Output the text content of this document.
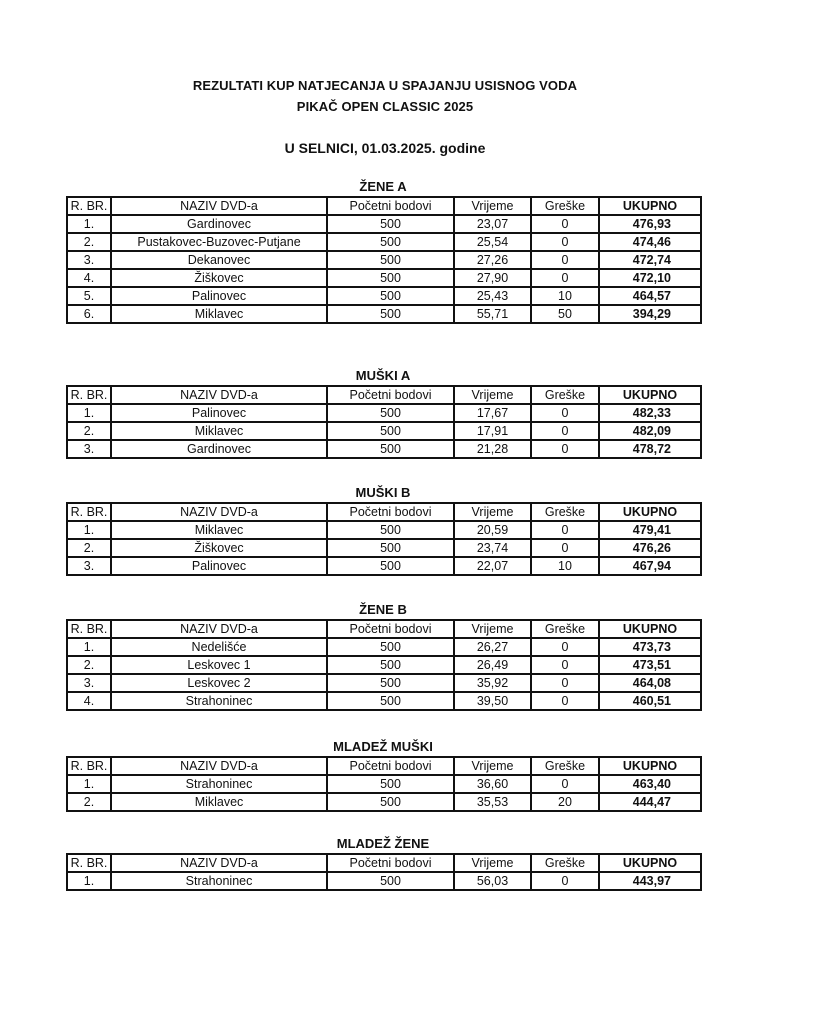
REZULTATI KUP NATJECANJA U SPAJANJU USISNOG VODA
PIKAČ OPEN CLASSIC 2025
U SELNICI, 01.03.2025. godine
ŽENE A
R. BR.	NAZIV DVD-a	Početni bodovi	Vrijeme	Greške	UKUPNO
1.	Gardinovec	500	23,07	0	476,93
2.	Pustakovec-Buzovec-Putjane	500	25,54	0	474,46
3.	Dekanovec	500	27,26	0	472,74
4.	Žiškovec	500	27,90	0	472,10
5.	Palinovec	500	25,43	10	464,57
6.	Miklavec	500	55,71	50	394,29
MUŠKI A
R. BR.	NAZIV DVD-a	Početni bodovi	Vrijeme	Greške	UKUPNO
1.	Palinovec	500	17,67	0	482,33
2.	Miklavec	500	17,91	0	482,09
3.	Gardinovec	500	21,28	0	478,72
MUŠKI B
R. BR.	NAZIV DVD-a	Početni bodovi	Vrijeme	Greške	UKUPNO
1.	Miklavec	500	20,59	0	479,41
2.	Žiškovec	500	23,74	0	476,26
3.	Palinovec	500	22,07	10	467,94
ŽENE B
R. BR.	NAZIV DVD-a	Početni bodovi	Vrijeme	Greške	UKUPNO
1.	Nedelišće	500	26,27	0	473,73
2.	Leskovec 1	500	26,49	0	473,51
3.	Leskovec 2	500	35,92	0	464,08
4.	Strahoninec	500	39,50	0	460,51
MLADEŽ MUŠKI
R. BR.	NAZIV DVD-a	Početni bodovi	Vrijeme	Greške	UKUPNO
1.	Strahoninec	500	36,60	0	463,40
2.	Miklavec	500	35,53	20	444,47
MLADEŽ ŽENE
R. BR.	NAZIV DVD-a	Početni bodovi	Vrijeme	Greške	UKUPNO
1.	Strahoninec	500	56,03	0	443,97
